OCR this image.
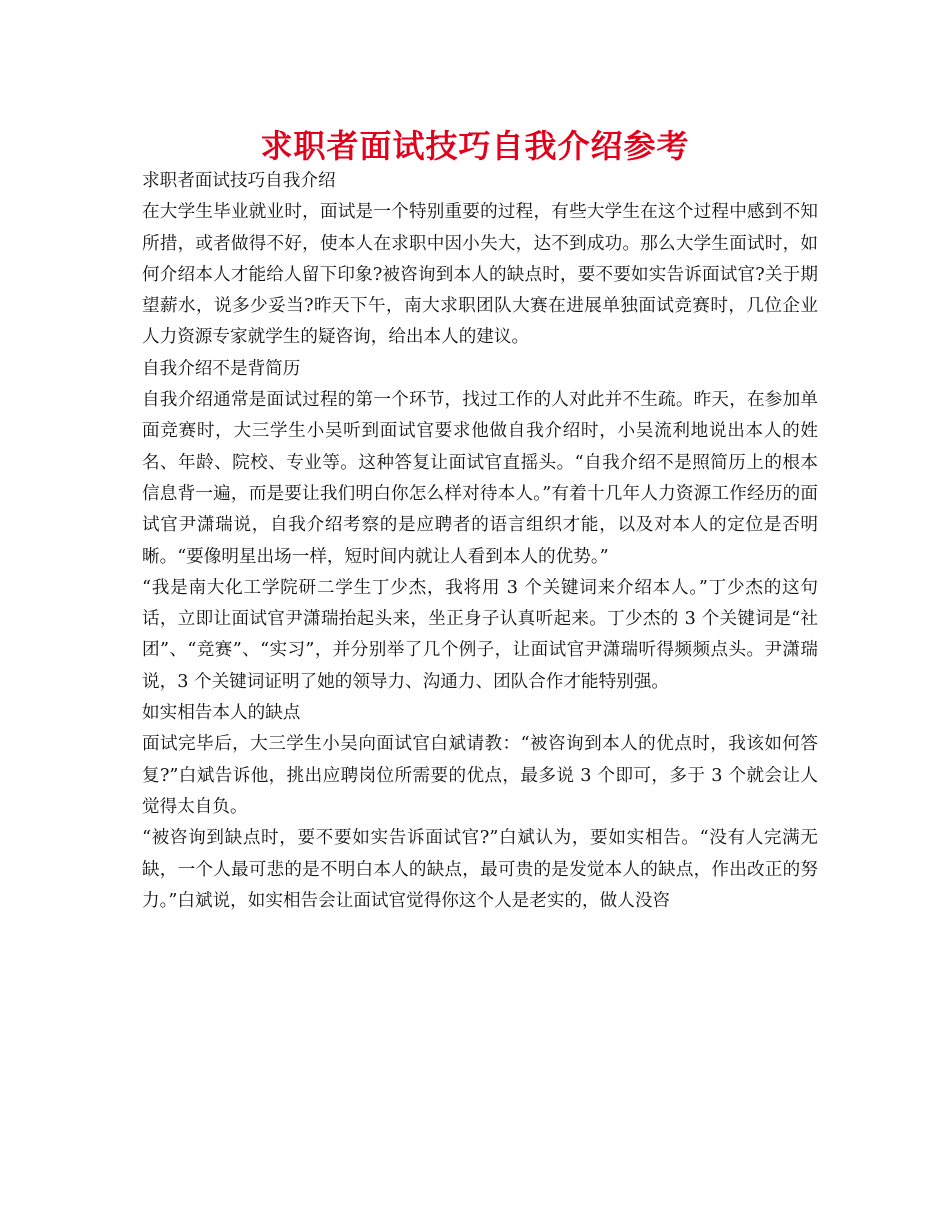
求职者面试技巧自我介绍参考

求职者面试技巧自我介绍

在大学生毕业就业时，面试是一个特别重要的过程，有些大学生在这个过程中感到不知所措，或者做得不好，使本人在求职中因小失大，达不到成功。那么大学生面试时，如何介绍本人才能给人留下印象?被咨询到本人的缺点时，要不要如实告诉面试官?关于期望薪水，说多少妥当?昨天下午，南大求职团队大赛在进展单独面试竞赛时，几位企业人力资源专家就学生的疑咨询，给出本人的建议。

自我介绍不是背简历

自我介绍通常是面试过程的第一个环节，找过工作的人对此并不生疏。昨天，在参加单面竞赛时，大三学生小吴听到面试官要求他做自我介绍时，小吴流利地说出本人的姓名、年龄、院校、专业等。这种答复让面试官直摇头。“自我介绍不是照简历上的根本信息背一遍，而是要让我们明白你怎么样对待本人。”有着十几年人力资源工作经历的面试官尹潇瑞说，自我介绍考察的是应聘者的语言组织才能，以及对本人的定位是否明晰。“要像明星出场一样，短时间内就让人看到本人的优势。”

“我是南大化工学院研二学生丁少杰，我将用 3 个关键词来介绍本人。”丁少杰的这句话，立即让面试官尹潇瑞抬起头来，坐正身子认真听起来。丁少杰的 3 个关键词是“社团”、“竞赛”、“实习”，并分别举了几个例子，让面试官尹潇瑞听得频频点头。尹潇瑞说，3 个关键词证明了她的领导力、沟通力、团队合作才能特别强。

如实相告本人的缺点

面试完毕后，大三学生小吴向面试官白斌请教：“被咨询到本人的优点时，我该如何答复?”白斌告诉他，挑出应聘岗位所需要的优点，最多说 3 个即可，多于 3 个就会让人觉得太自负。

“被咨询到缺点时，要不要如实告诉面试官?”白斌认为，要如实相告。“没有人完满无缺，一个人最可悲的是不明白本人的缺点，最可贵的是发觉本人的缺点，作出改正的努力。”白斌说，如实相告会让面试官觉得你这个人是老实的，做人没咨
